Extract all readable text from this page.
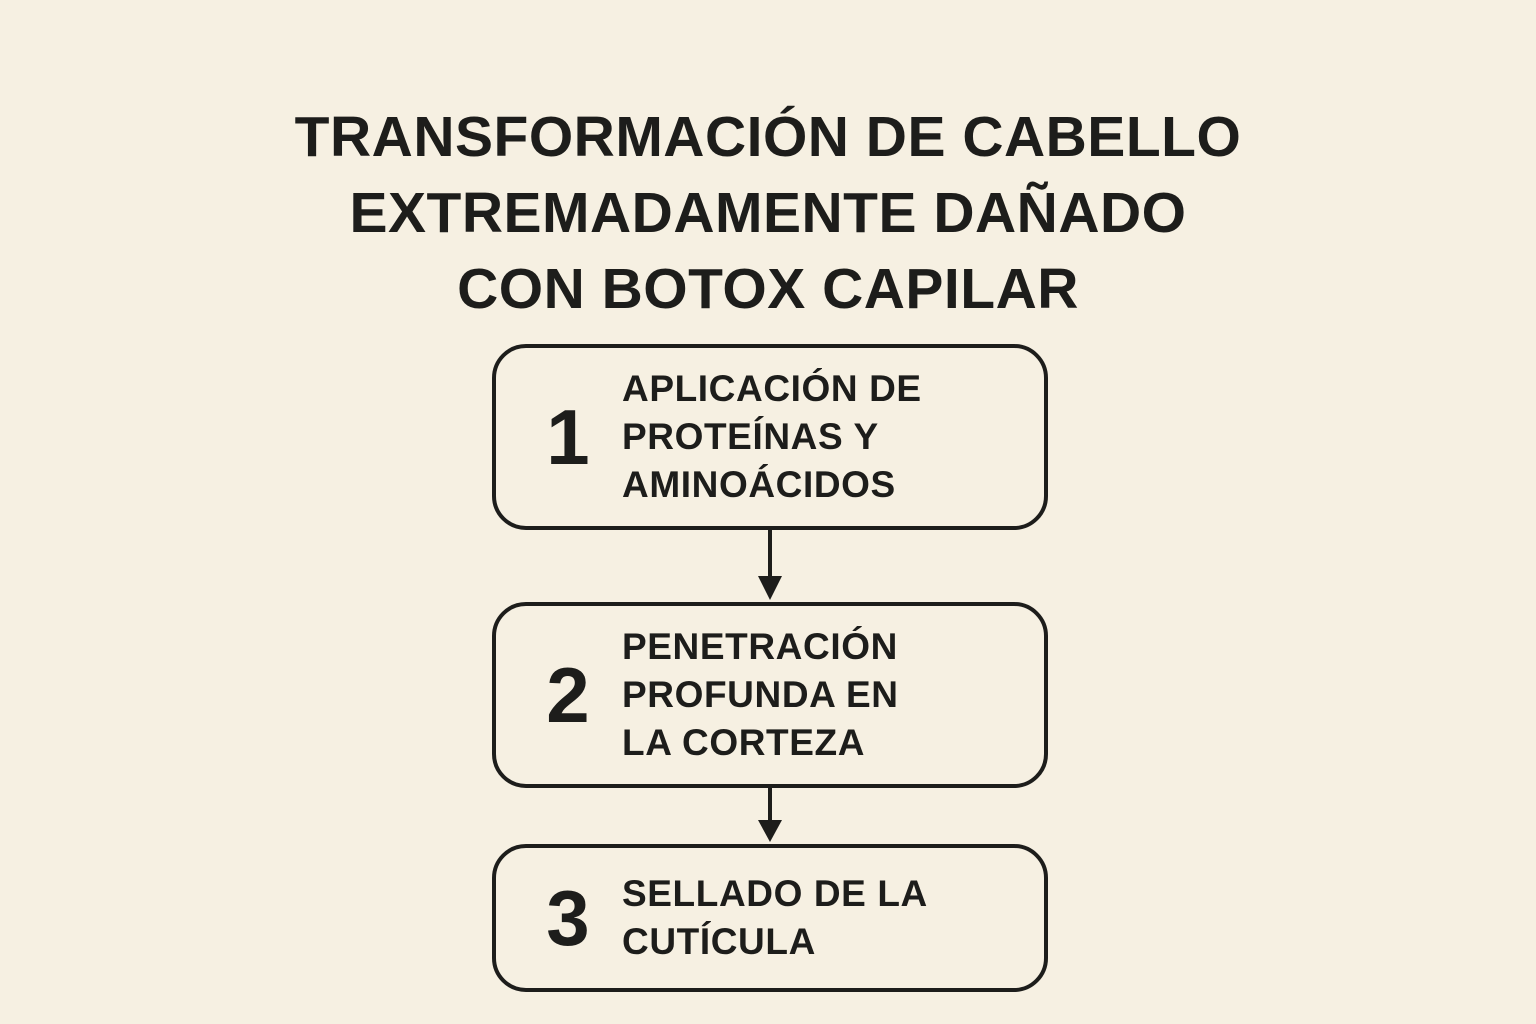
TRANSFORMACIÓN DE CABELLO
EXTREMADAMENTE DAÑADO
CON BOTOX CAPILAR
1
APLICACIÓN DE
PROTEÍNAS Y
AMINOÁCIDOS
2
PENETRACIÓN
PROFUNDA EN
LA CORTEZA
3 SELLADO DE LA
CUTÍCULA
